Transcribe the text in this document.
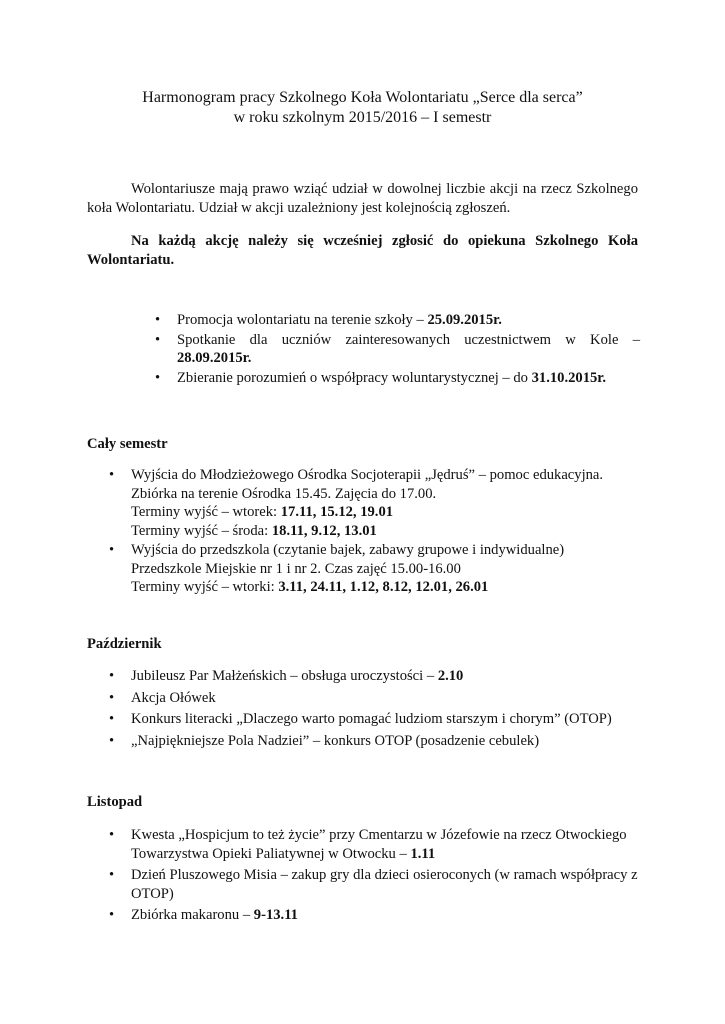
Harmonogram pracy Szkolnego Koła Wolontariatu „Serce dla serca”
w roku szkolnym 2015/2016 – I semestr
Wolontariusze mają prawo wziąć udział w dowolnej liczbie akcji na rzecz Szkolnego koła Wolontariatu. Udział w akcji uzależniony jest kolejnością zgłoszeń.
Na każdą akcję należy się wcześniej zgłosić do opiekuna Szkolnego Koła Wolontariatu.
• Promocja wolontariatu na terenie szkoły – 25.09.2015r.
• Spotkanie dla uczniów zainteresowanych uczestnictwem w Kole – 28.09.2015r.
• Zbieranie porozumień o współpracy woluntarystycznej – do 31.10.2015r.
Cały semestr
• Wyjścia do Młodzieżowego Ośrodka Socjoterapii „Jędruś” – pomoc edukacyjna.
Zbiórka na terenie Ośrodka 15.45. Zajęcia do 17.00.
Terminy wyjść – wtorek: 17.11, 15.12, 19.01
Terminy wyjść – środa: 18.11, 9.12, 13.01
• Wyjścia do przedszkola (czytanie bajek, zabawy grupowe i indywidualne)
Przedszkole Miejskie nr 1 i nr 2. Czas zajęć 15.00-16.00
Terminy wyjść – wtorki: 3.11, 24.11, 1.12, 8.12, 12.01, 26.01
Październik
• Jubileusz Par Małżeńskich – obsługa uroczystości – 2.10
• Akcja Ołówek
• Konkurs literacki „Dlaczego warto pomagać ludziom starszym i chorym” (OTOP)
• „Najpiękniejsze Pola Nadziei” – konkurs OTOP (posadzenie cebulek)
Listopad
• Kwesta „Hospicjum to też życie” przy Cmentarzu w Józefowie na rzecz Otwockiego Towarzystwa Opieki Paliatywnej w Otwocku – 1.11
• Dzień Pluszowego Misia – zakup gry dla dzieci osieroconych (w ramach współpracy z OTOP)
• Zbiórka makaronu – 9-13.11
